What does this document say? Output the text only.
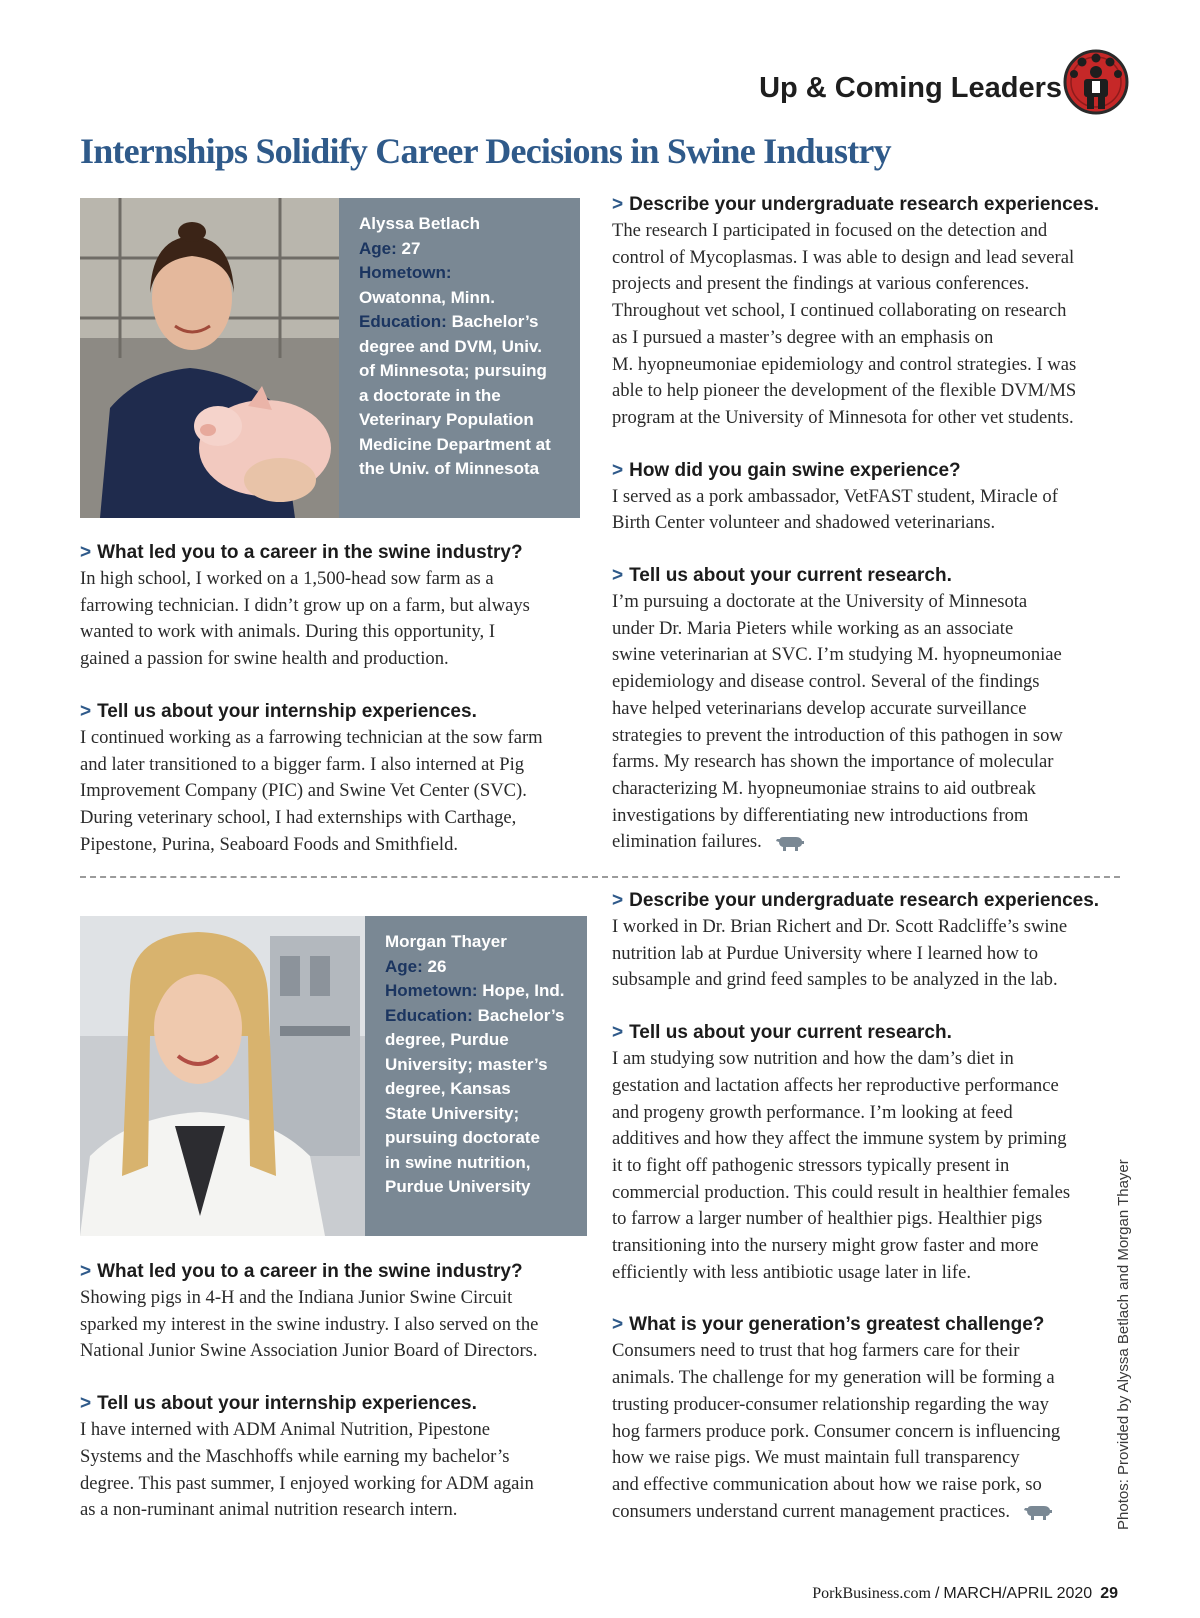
Up & Coming Leaders
Internships Solidify Career Decisions in Swine Industry
Alyssa Betlach
Age: 27
Hometown:
Owatonna, Minn.
Education: Bachelor’s
degree and DVM, Univ.
of Minnesota; pursuing
a doctorate in the
Veterinary Population
Medicine Department at
the Univ. of Minnesota
> What led you to a career in the swine industry?
In high school, I worked on a 1,500-head sow farm as a
farrowing technician. I didn’t grow up on a farm, but always
wanted to work with animals. During this opportunity, I
gained a passion for swine health and production.
> Tell us about your internship experiences.
I continued working as a farrowing technician at the sow farm
and later transitioned to a bigger farm. I also interned at Pig
Improvement Company (PIC) and Swine Vet Center (SVC).
During veterinary school, I had externships with Carthage,
Pipestone, Purina, Seaboard Foods and Smithfield.
> Describe your undergraduate research experiences.
The research I participated in focused on the detection and
control of Mycoplasmas. I was able to design and lead several
projects and present the findings at various conferences.
Throughout vet school, I continued collaborating on research
as I pursued a master’s degree with an emphasis on
M. hyopneumoniae epidemiology and control strategies. I was
able to help pioneer the development of the flexible DVM/MS
program at the University of Minnesota for other vet students.
> How did you gain swine experience?
I served as a pork ambassador, VetFAST student, Miracle of
Birth Center volunteer and shadowed veterinarians.
> Tell us about your current research.
I’m pursuing a doctorate at the University of Minnesota
under Dr. Maria Pieters while working as an associate
swine veterinarian at SVC. I’m studying M. hyopneumoniae
epidemiology and disease control. Several of the findings
have helped veterinarians develop accurate surveillance
strategies to prevent the introduction of this pathogen in sow
farms. My research has shown the importance of molecular
characterizing M. hyopneumoniae strains to aid outbreak
investigations by differentiating new introductions from
elimination failures.
Morgan Thayer
Age: 26
Hometown: Hope, Ind.
Education: Bachelor’s
degree, Purdue
University; master’s
degree, Kansas
State University;
pursuing doctorate
in swine nutrition,
Purdue University
> What led you to a career in the swine industry?
Showing pigs in 4-H and the Indiana Junior Swine Circuit
sparked my interest in the swine industry. I also served on the
National Junior Swine Association Junior Board of Directors.
> Tell us about your internship experiences.
I have interned with ADM Animal Nutrition, Pipestone
Systems and the Maschhoffs while earning my bachelor’s
degree. This past summer, I enjoyed working for ADM again
as a non-ruminant animal nutrition research intern.
> Describe your undergraduate research experiences.
I worked in Dr. Brian Richert and Dr. Scott Radcliffe’s swine
nutrition lab at Purdue University where I learned how to
subsample and grind feed samples to be analyzed in the lab.
> Tell us about your current research.
I am studying sow nutrition and how the dam’s diet in
gestation and lactation affects her reproductive performance
and progeny growth performance. I’m looking at feed
additives and how they affect the immune system by priming
it to fight off pathogenic stressors typically present in
commercial production. This could result in healthier females
to farrow a larger number of healthier pigs. Healthier pigs
transitioning into the nursery might grow faster and more
efficiently with less antibiotic usage later in life.
> What is your generation’s greatest challenge?
Consumers need to trust that hog farmers care for their
animals. The challenge for my generation will be forming a
trusting producer-consumer relationship regarding the way
hog farmers produce pork. Consumer concern is influencing
how we raise pigs. We must maintain full transparency
and effective communication about how we raise pork, so
consumers understand current management practices.	Photos: Provided by Alyssa Betlach and Morgan Thayer
PorkBusiness.com / MARCH/APRIL 2020 29
